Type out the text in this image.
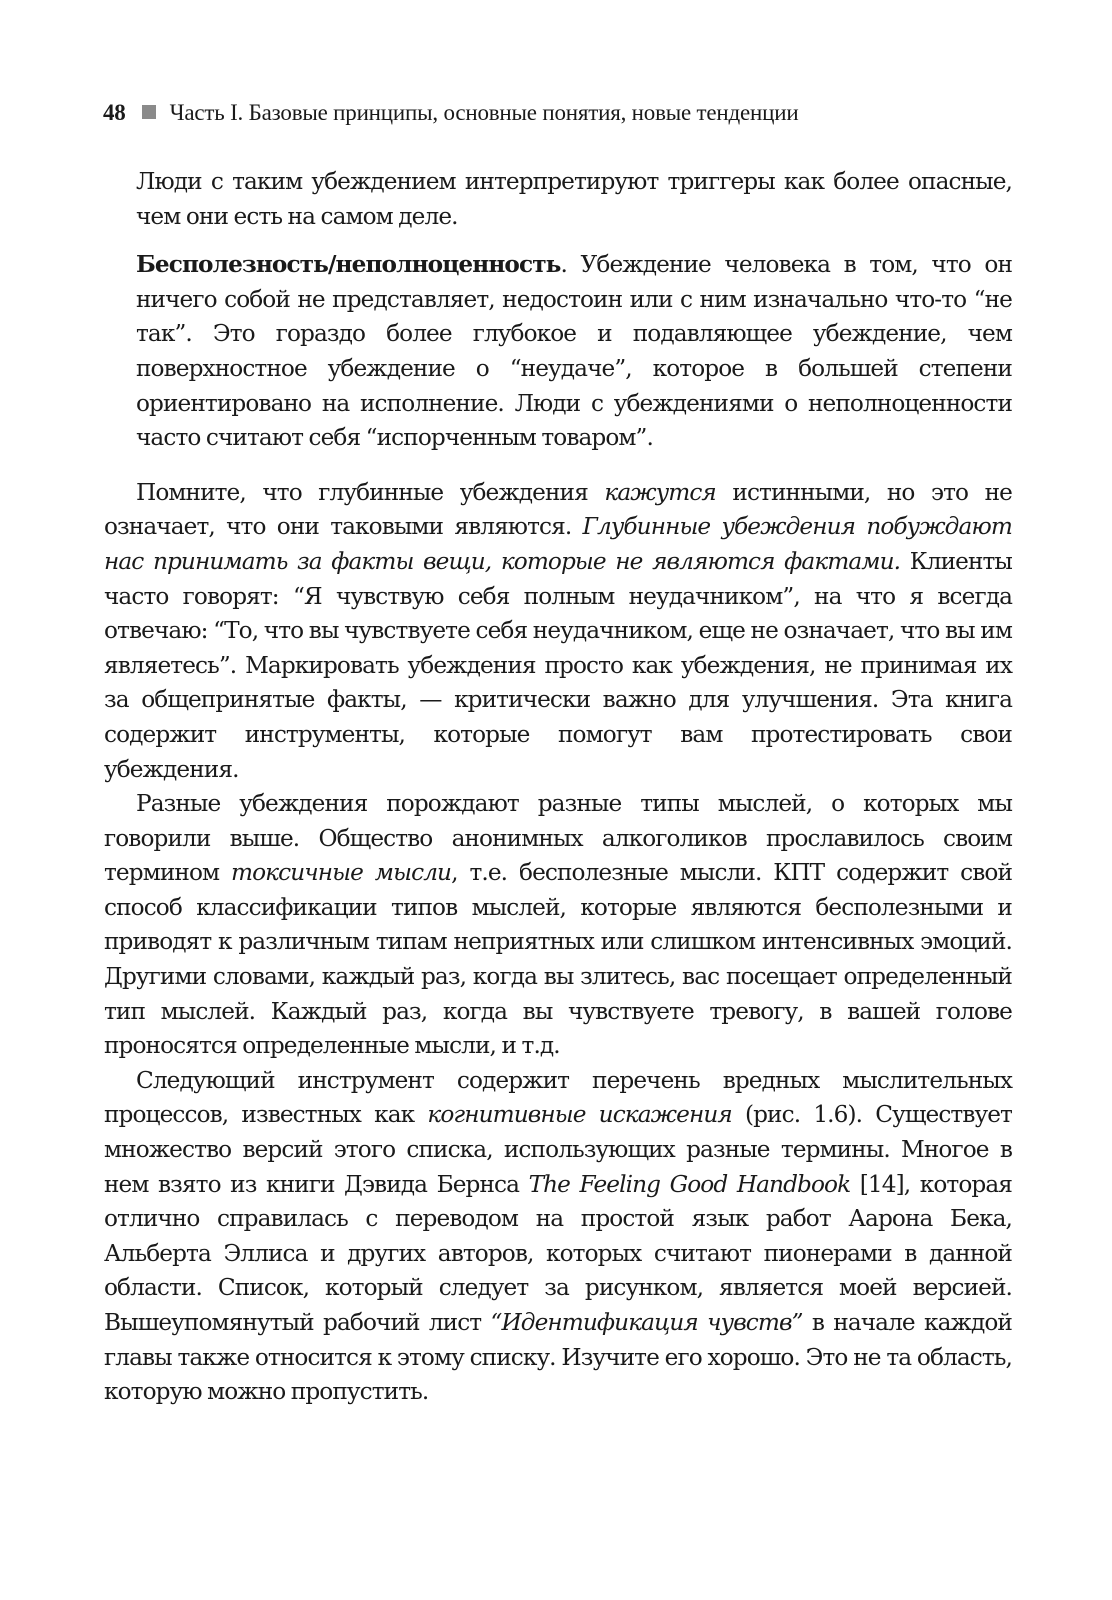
48 Часть I. Базовые принципы, основные понятия, новые тенденции

Люди с таким убеждением интерпретируют триггеры как более опасные, чем они есть на самом деле.

Бесполезность/неполноценность. Убеждение человека в том, что он ничего собой не представляет, недостоин или с ним изначально что-то “не так”. Это гораздо более глубокое и подавляющее убеждение, чем поверхностное убеждение о “неудаче”, которое в большей степени ориентировано на исполнение. Люди с убеждениями о неполноценности часто считают себя “испорченным товаром”.

Помните, что глубинные убеждения кажутся истинными, но это не означает, что они таковыми являются. Глубинные убеждения побуждают нас принимать за факты вещи, которые не являются фактами. Клиенты часто говорят: “Я чувствую себя полным неудачником”, на что я всегда отвечаю: “То, что вы чувствуете себя неудачником, еще не означает, что вы им являетесь”. Маркировать убеждения просто как убеждения, не принимая их за общепринятые факты, — критически важно для улучшения. Эта книга содержит инструменты, которые помогут вам протестировать свои убеждения.

Разные убеждения порождают разные типы мыслей, о которых мы говорили выше. Общество анонимных алкоголиков прославилось своим термином токсичные мысли, т.е. бесполезные мысли. КПТ содержит свой способ классификации типов мыслей, которые являются бесполезными и приводят к различным типам неприятных или слишком интенсивных эмоций. Другими словами, каждый раз, когда вы злитесь, вас посещает определенный тип мыслей. Каждый раз, когда вы чувствуете тревогу, в вашей голове проносятся определенные мысли, и т.д.

Следующий инструмент содержит перечень вредных мыслительных процессов, известных как когнитивные искажения (рис. 1.6). Существует множество версий этого списка, использующих разные термины. Многое в нем взято из книги Дэвида Бернса The Feeling Good Handbook [14], которая отлично справилась с переводом на простой язык работ Аарона Бека, Альберта Эллиса и других авторов, которых считают пионерами в данной области. Список, который следует за рисунком, является моей версией. Вышеупомянутый рабочий лист “Идентификация чувств” в начале каждой главы также относится к этому списку. Изучите его хорошо. Это не та область, которую можно пропустить.
